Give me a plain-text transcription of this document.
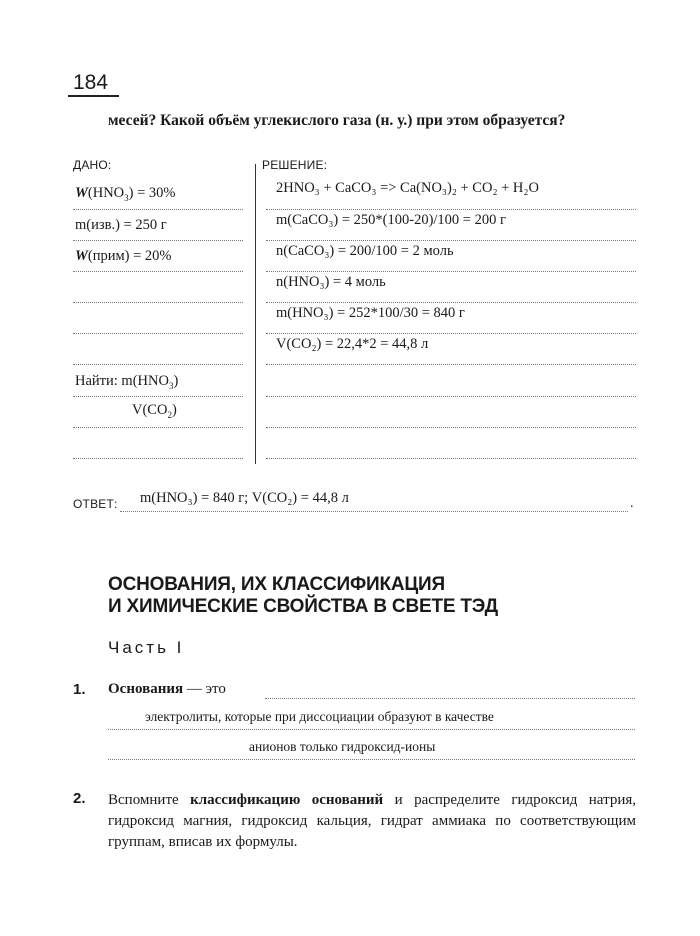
184
месей? Какой объём углекислого газа (н. у.) при этом образуется?
ДАНО:	РЕШЕНИЕ:
$W(HNO_3) = 30\%$
m(изв.) = 250 г
W(прим) = 20%
Найти: $m(HNO_3)$
$V(CO_2)$
2HNO₃ + CaCO₃ => Ca(NO₃)₂ + CO₂ + H₂O
m(CaCO₃) = 250*(100-20)/100 = 200 г
n(CaCO₃) = 200/100 = 2 моль
n(HNO₃) = 4 моль
m(HNO₃) = 252*100/30 = 840 г
V(CO₂) = 22,4*2 = 44,8 л
ОТВЕТ: m(HNO₃) = 840 г; V(CO₂) = 44,8 л	.
ОСНОВАНИЯ, ИХ КЛАССИФИКАЦИЯ
И ХИМИЧЕСКИЕ СВОЙСТВА В СВЕТЕ ТЭД
Часть I
1. Основания — это
электролиты, которые при диссоциации образуют в качестве
анионов только гидроксид-ионы
2. Вспомните классификацию оснований и распределите гидроксид натрия, гидроксид магния, гидроксид кальция, гидрат аммиака по соответствующим группам, вписав их формулы.
